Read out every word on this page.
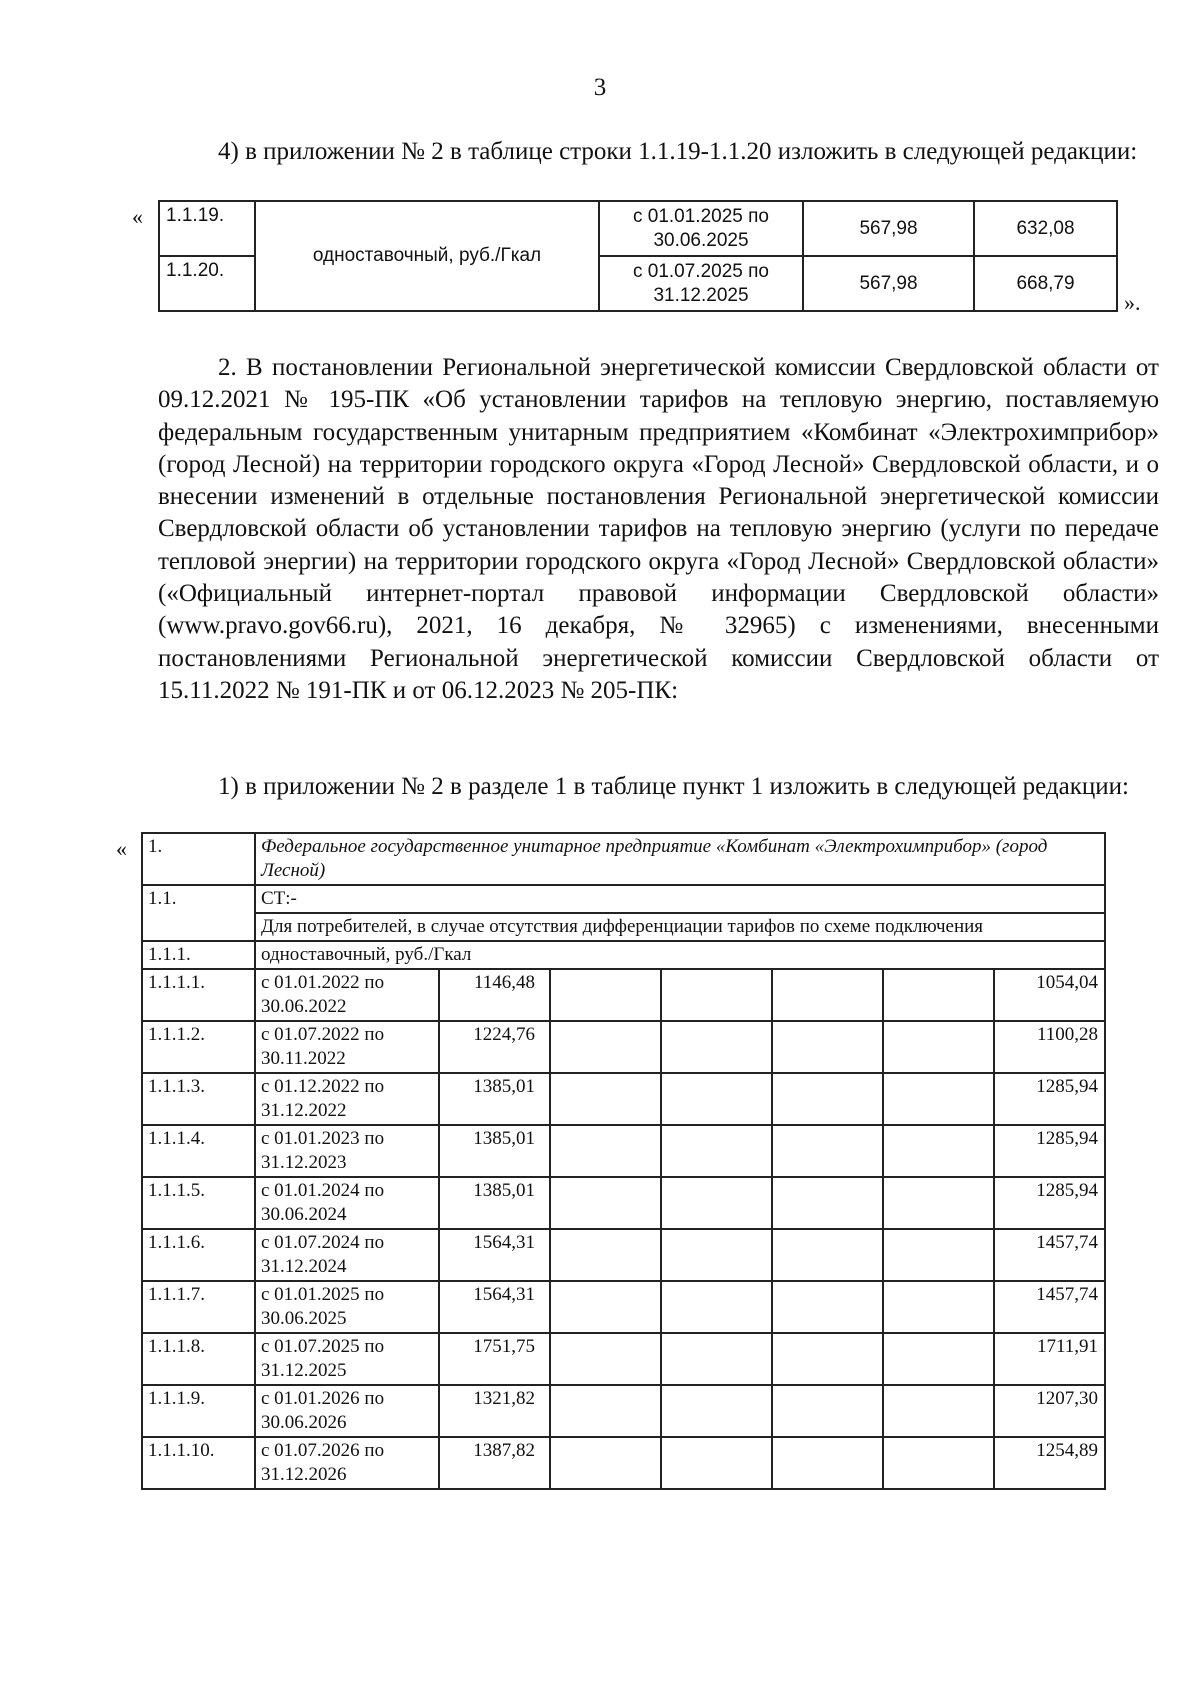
3
4) в приложении № 2 в таблице строки 1.1.19-1.1.20 изложить в следующей редакции:
« 1.1.19.	одноставочный, руб./Гкал	с 01.01.2025 по
30.06.2025	567,98	632,08
1.1.20.		с 01.07.2025 по
31.12.2025	567,98	668,79
».
2. В постановлении Региональной энергетической комиссии Свердловской области от 09.12.2021 № 195-ПК «Об установлении тарифов на тепловую энергию, поставляемую федеральным государственным унитарным предприятием «Комбинат «Электрохимприбор» (город Лесной) на территории городского округа «Город Лесной» Свердловской области, и о внесении изменений в отдельные постановления Региональной энергетической комиссии Свердловской области об установлении тарифов на тепловую энергию (услуги по передаче тепловой энергии) на территории городского округа «Город Лесной» Свердловской области» («Официальный интернет-портал правовой информации Свердловской области» (www.pravo.gov66.ru), 2021, 16 декабря, № 32965) с изменениями, внесенными постановлениями Региональной энергетической комиссии Свердловской области от 15.11.2022 № 191-ПК и от 06.12.2023 № 205-ПК:
1) в приложении № 2 в разделе 1 в таблице пункт 1 изложить в следующей редакции:
« 1.	Федеральное государственное унитарное предприятие «Комбинат «Электрохимприбор» (город Лесной)						
1.1.	СТ:-						
	Для потребителей, в случае отсутствия дифференциации тарифов по схеме подключения						
1.1.1.	одноставочный, руб./Гкал						
1.1.1.1.	с 01.01.2022 по
30.06.2022	1146,48					1054,04
1.1.1.2.	с 01.07.2022 по
30.11.2022	1224,76					1100,28
1.1.1.3.	с 01.12.2022 по
31.12.2022	1385,01					1285,94
1.1.1.4.	с 01.01.2023 по
31.12.2023	1385,01					1285,94
1.1.1.5.	с 01.01.2024 по
30.06.2024	1385,01					1285,94
1.1.1.6.	с 01.07.2024 по
31.12.2024	1564,31					1457,74
1.1.1.7.	с 01.01.2025 по
30.06.2025	1564,31					1457,74
1.1.1.8.	с 01.07.2025 по
31.12.2025	1751,75					1711,91
1.1.1.9.	с 01.01.2026 по
30.06.2026	1321,82					1207,30
1.1.1.10.	с 01.07.2026 по
31.12.2026	1387,82					1254,89
